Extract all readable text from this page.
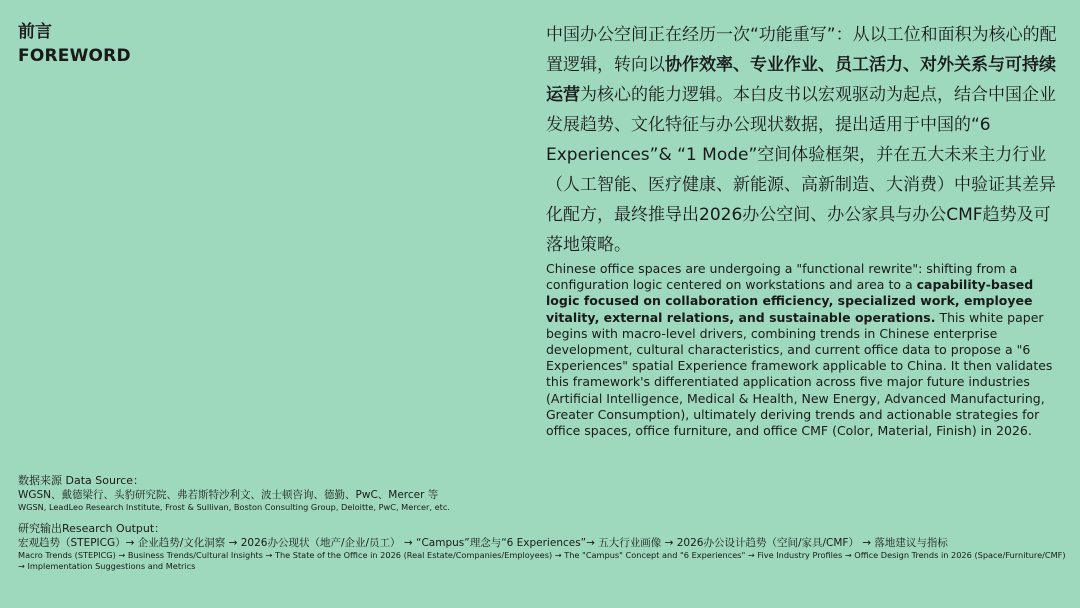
前言
FOREWORD

中国办公空间正在经历一次“功能重写”：从以工位和面积为核心的配置逻辑，转向以协作效率、专业作业、员工活力、对外关系与可持续运营为核心的能力逻辑。本白皮书以宏观驱动为起点，结合中国企业发展趋势、文化特征与办公现状数据，提出适用于中国的“6 Experiences”& “1 Mode”空间体验框架，并在五大未来主力行业（人工智能、医疗健康、新能源、高新制造、大消费）中验证其差异化配方，最终推导出2026办公空间、办公家具与办公CMF趋势及可落地策略。

Chinese office spaces are undergoing a "functional rewrite": shifting from a configuration logic centered on workstations and area to a capability-based logic focused on collaboration efficiency, specialized work, employee vitality, external relations, and sustainable operations. This white paper begins with macro-level drivers, combining trends in Chinese enterprise development, cultural characteristics, and current office data to propose a "6 Experiences" spatial Experience framework applicable to China. It then validates this framework's differentiated application across five major future industries (Artificial Intelligence, Medical & Health, New Energy, Advanced Manufacturing, Greater Consumption), ultimately deriving trends and actionable strategies for office spaces, office furniture, and office CMF (Color, Material, Finish) in 2026.

数据来源 Data Source：
WGSN、戴德梁行、头豹研究院、弗若斯特沙利文、波士顿咨询、德勤、PwC、Mercer 等
WGSN, LeadLeo Research Institute, Frost & Sullivan, Boston Consulting Group, Deloitte, PwC, Mercer, etc.
研究输出Research Output：
宏观趋势（STEPICG）→ 企业趋势/文化洞察 → 2026办公现状（地产/企业/员工） → “Campus”理念与“6 Experiences”→ 五大行业画像 → 2026办公设计趋势（空间/家具/CMF） → 落地建议与指标
Macro Trends (STEPICG) → Business Trends/Cultural Insights → The State of the Office in 2026 (Real Estate/Companies/Employees) → The "Campus" Concept and "6 Experiences" → Five Industry Profiles → Office Design Trends in 2026 (Space/Furniture/CMF) → Implementation Suggestions and Metrics
